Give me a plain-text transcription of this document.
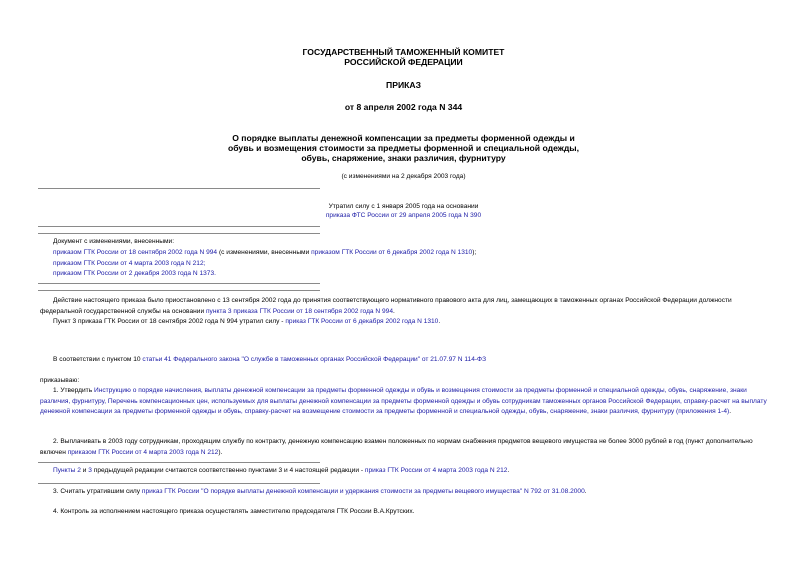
ГОСУДАРСТВЕННЫЙ ТАМОЖЕННЫЙ КОМИТЕТ
РОССИЙСКОЙ ФЕДЕРАЦИИ
ПРИКАЗ
от 8 апреля 2002 года N 344
О порядке выплаты денежной компенсации за предметы форменной одежды и
обувь и возмещения стоимости за предметы форменной и специальной одежды,
обувь, снаряжение, знаки различия, фурнитуру
(с изменениями на 2 декабря 2003 года)
Утратил силу с 1 января 2005 года на основании
приказа ФТС России от 29 апреля 2005 года N 390
Документ с изменениями, внесенными:
приказом ГТК России от 18 сентября 2002 года N 994 (с изменениями, внесенными приказом ГТК России от 6 декабря 2002 года N 1310);
приказом ГТК России от 4 марта 2003 года N 212;
приказом ГТК России от 2 декабря 2003 года N 1373.
Действие настоящего приказа было приостановлено с 13 сентября 2002 года до принятия соответствующего нормативного правового акта для лиц, замещающих в таможенных органах Российской Федерации должности федеральной государственной службы на основании пункта 3 приказа ГТК России от 18 сентября 2002 года N 994.
Пункт 3 приказа ГТК России от 18 сентября 2002 года N 994 утратил силу - приказ ГТК России от 6 декабря 2002 года N 1310.
В соответствии с пунктом 10 статьи 41 Федерального закона "О службе в таможенных органах Российской Федерации" от 21.07.97 N 114-ФЗ
приказываю:
1. Утвердить Инструкцию о порядке начисления, выплаты денежной компенсации за предметы форменной одежды и обувь и возмещения стоимости за предметы форменной и специальной одежды, обувь, снаряжение, знаки различия, фурнитуру, Перечень компенсационных цен, используемых для выплаты денежной компенсации за предметы форменной одежды и обувь сотрудникам таможенных органов Российской Федерации, справку-расчет на выплату денежной компенсации за предметы форменной одежды и обувь, справку-расчет на возмещение стоимости за предметы форменной и специальной одежды, обувь, снаряжение, знаки различия, фурнитуру (приложения 1-4).
2. Выплачивать в 2003 году сотрудникам, проходящим службу по контракту, денежную компенсацию взамен положенных по нормам снабжения предметов вещевого имущества не более 3000 рублей в год (пункт дополнительно включен приказом ГТК России от 4 марта 2003 года N 212).
Пункты 2 и 3 предыдущей редакции считаются соответственно пунктами 3 и 4 настоящей редакции - приказ ГТК России от 4 марта 2003 года N 212.
3. Считать утратившим силу приказ ГТК России "О порядке выплаты денежной компенсации и удержания стоимости за предметы вещевого имущества" N 792 от 31.08.2000.
4. Контроль за исполнением настоящего приказа осуществлять заместителю председателя ГТК России В.А.Крутских.
